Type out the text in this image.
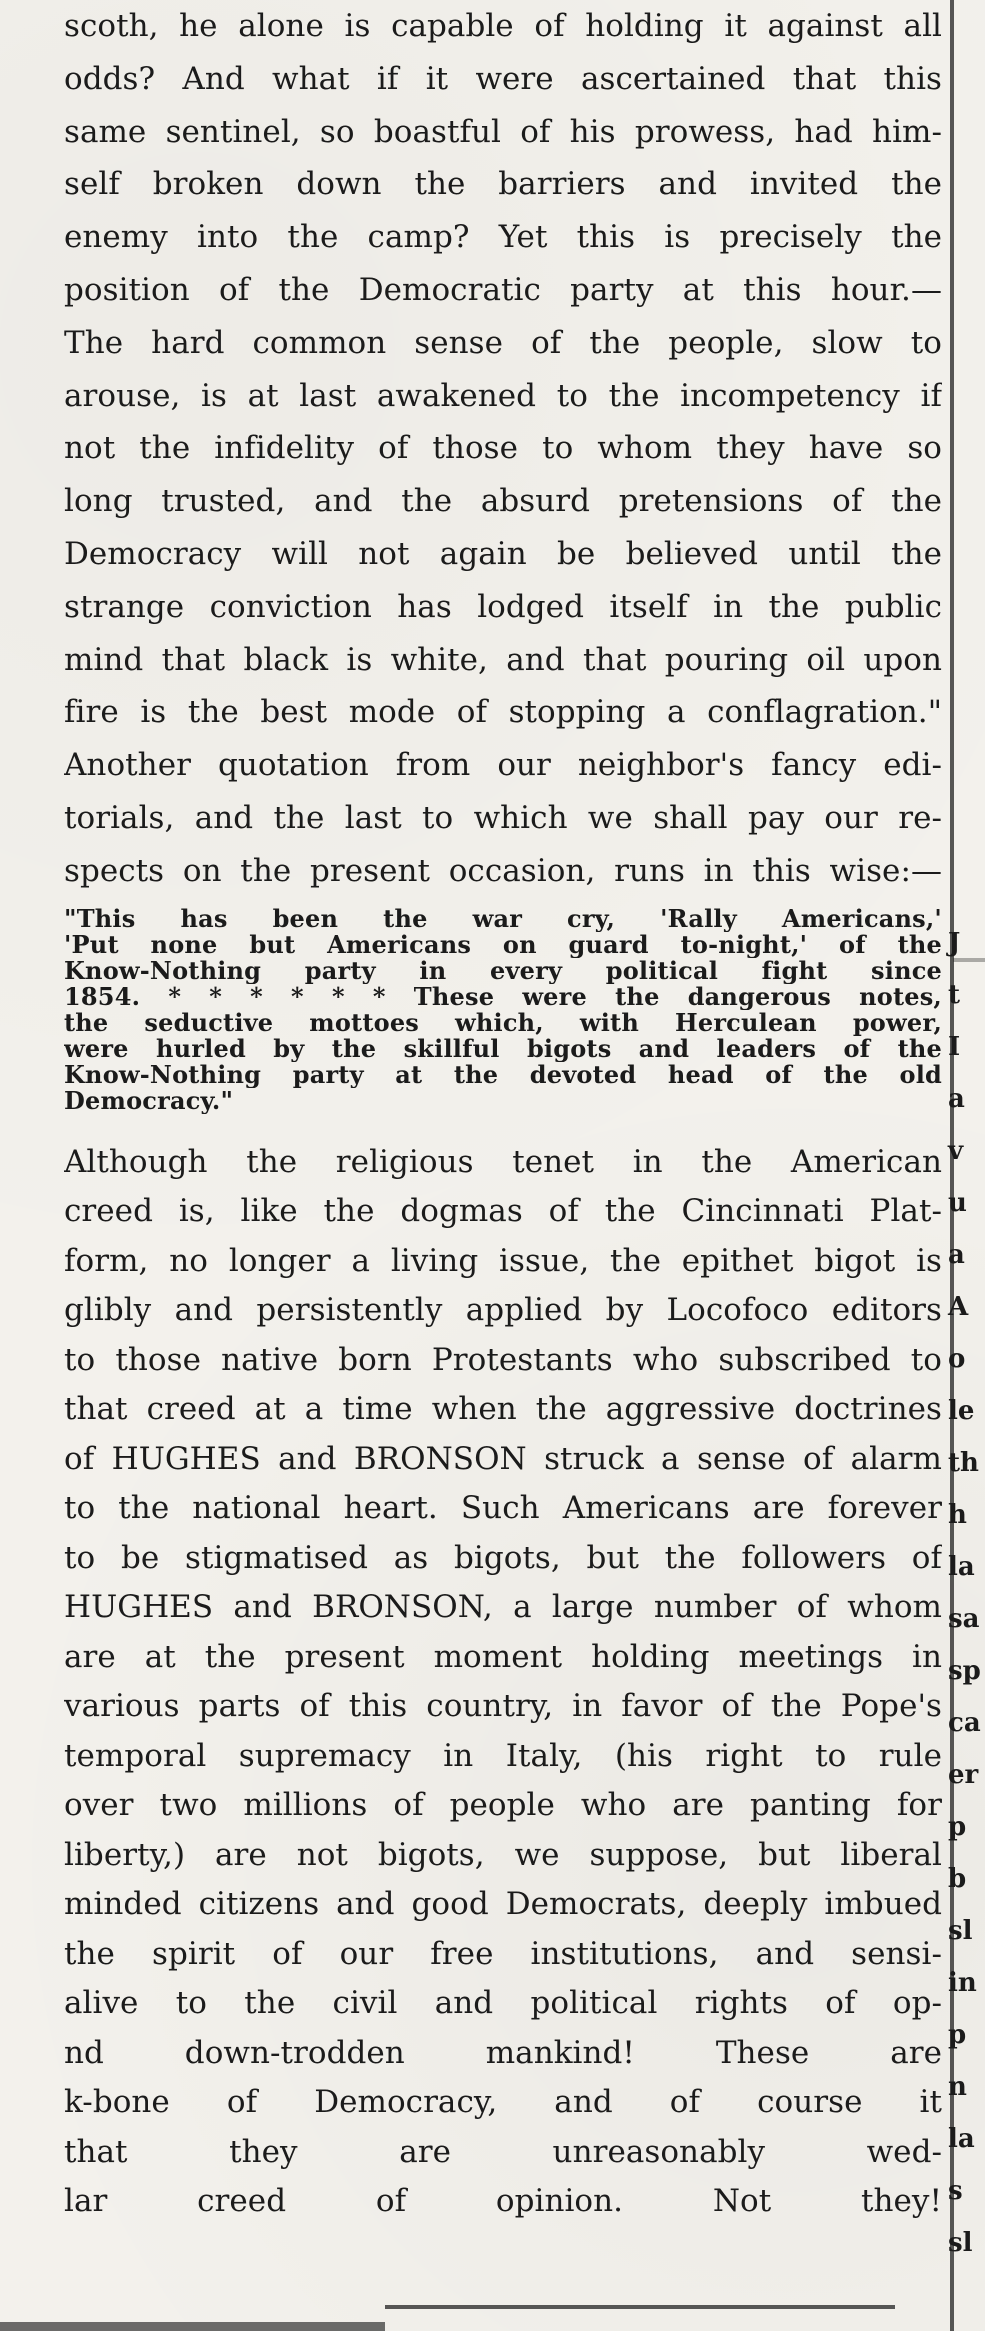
scoth, he alone is capable of holding it against all
odds? And what if it were ascertained that this
same sentinel, so boastful of his prowess, had him-
self broken down the barriers and invited the
enemy into the camp? Yet this is precisely the
position of the Democratic party at this hour.—
The hard common sense of the people, slow to
arouse, is at last awakened to the incompetency if
not the infidelity of those to whom they have so
long trusted, and the absurd pretensions of the
Democracy will not again be believed until the
strange conviction has lodged itself in the public
mind that black is white, and that pouring oil upon
fire is the best mode of stopping a conflagration."
Another quotation from our neighbor's fancy edi-
torials, and the last to which we shall pay our re-
spects on the present occasion, runs in this wise:—
"This has been the war cry, 'Rally Americans,'
'Put none but Americans on guard to-night,' of the
Know-Nothing party in every political fight since
1854. * * * * * * These were the dangerous notes,
the seductive mottoes which, with Herculean power,
were hurled by the skillful bigots and leaders of the
Know-Nothing party at the devoted head of the old
Democracy."
Although the religious tenet in the American
creed is, like the dogmas of the Cincinnati Plat-
form, no longer a living issue, the epithet bigot is
glibly and persistently applied by Locofoco editors
to those native born Protestants who subscribed to
that creed at a time when the aggressive doctrines
of HUGHES and BRONSON struck a sense of alarm
to the national heart. Such Americans are forever
to be stigmatised as bigots, but the followers of
HUGHES and BRONSON, a large number of whom
are at the present moment holding meetings in
various parts of this country, in favor of the Pope's
temporal supremacy in Italy, (his right to rule
over two millions of people who are panting for
liberty,) are not bigots, we suppose, but liberal
minded citizens and good Democrats, deeply imbued
the spirit of our free institutions, and sensi-
alive to the civil and political rights of op-
nd down-trodden mankind! These are
k-bone of Democracy, and of course it
that they are unreasonably wed-
lar creed of opinion. Not they!
J
t
I
a
v
u
a
A
o
le
th
h
la
sa
sp
ca
er
p
b
sl
in
p
n
la
s
sl
